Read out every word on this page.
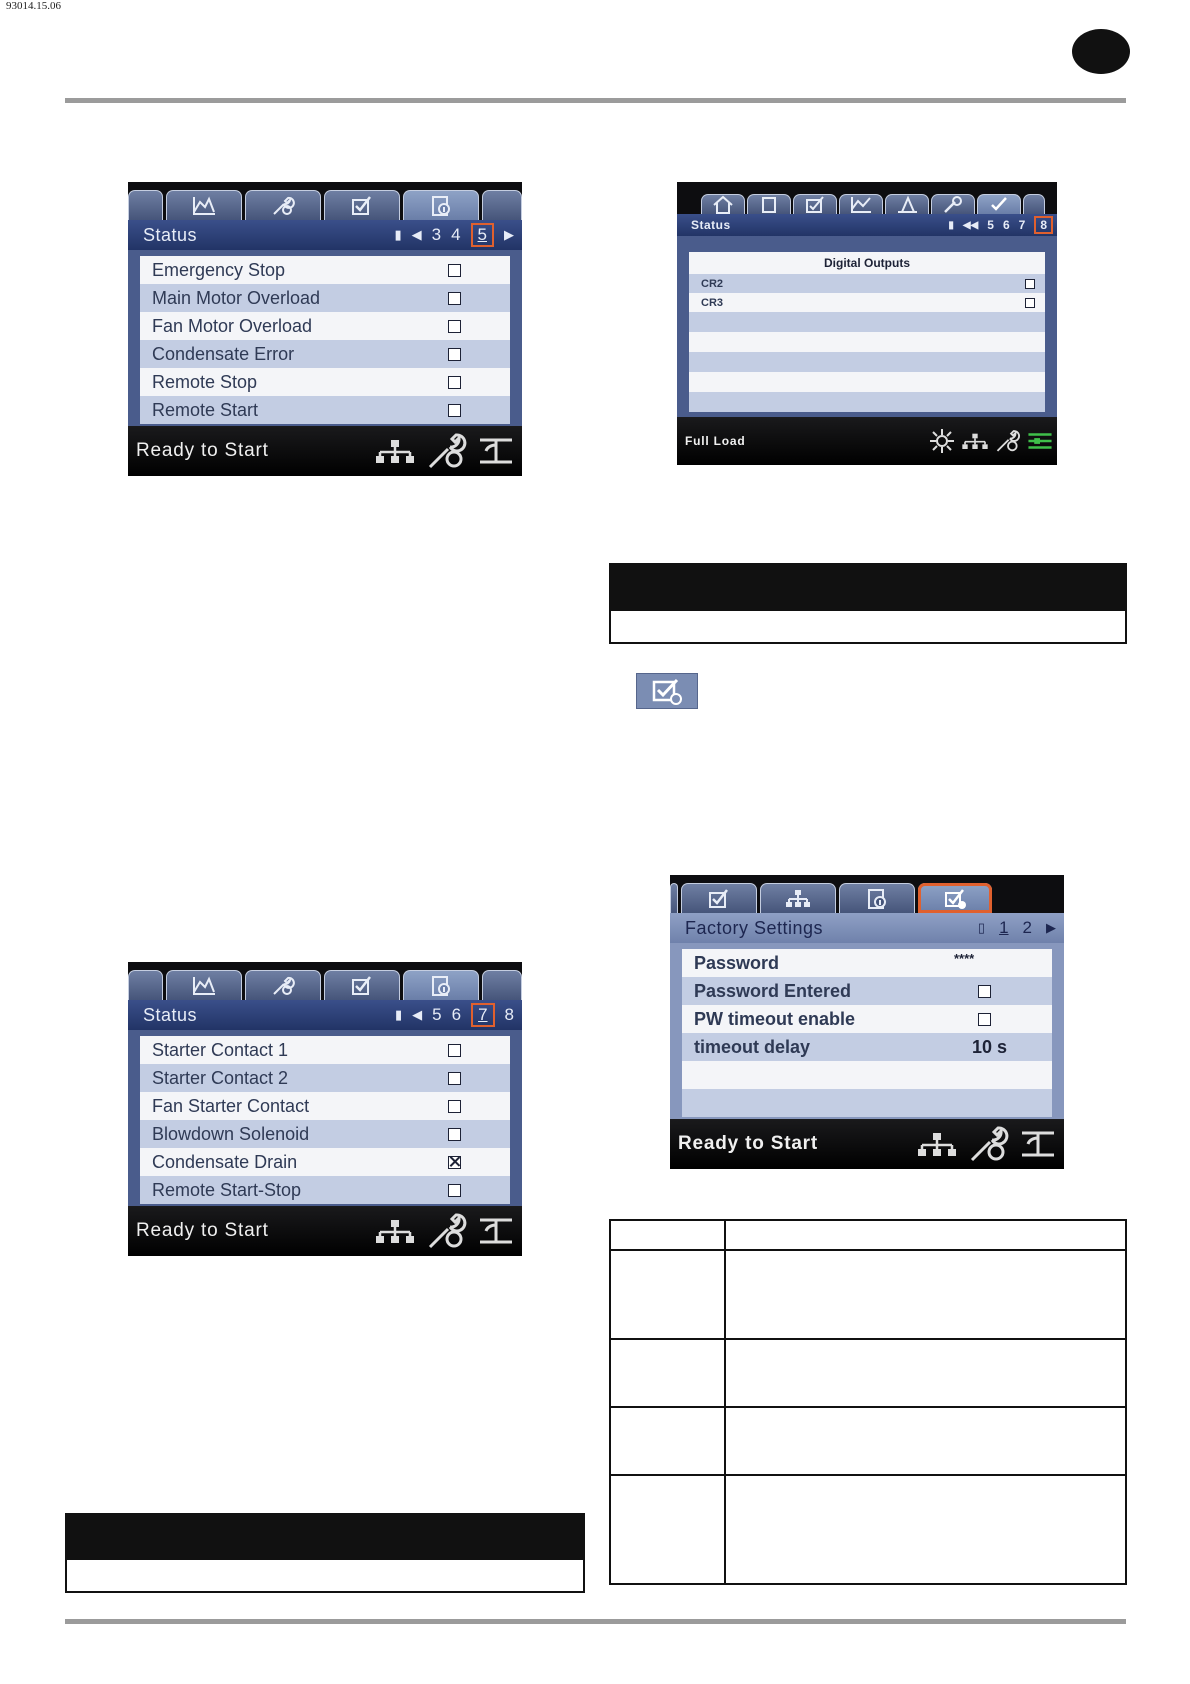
93014.15.06
Status	▮ ◀ 3 4	5	▶
Emergency Stop
Main Motor Overload
Fan Motor Overload
Condensate Error
Remote Stop
Remote Start
Ready to Start
Status	▮ ◀◀ 5 6 7	8
Digital Outputs
CR2
CR3
Full Load
Status	▮ ◀ 5 6	7	8
Starter Contact 1
Starter Contact 2
Fan Starter Contact
Blowdown Solenoid
Condensate Drain
Remote Start-Stop
Ready to Start
Factory Settings	▯ 1 2 ▶
Password	****
Password Entered
PW timeout enable
timeout delay	10 s
Ready to Start
